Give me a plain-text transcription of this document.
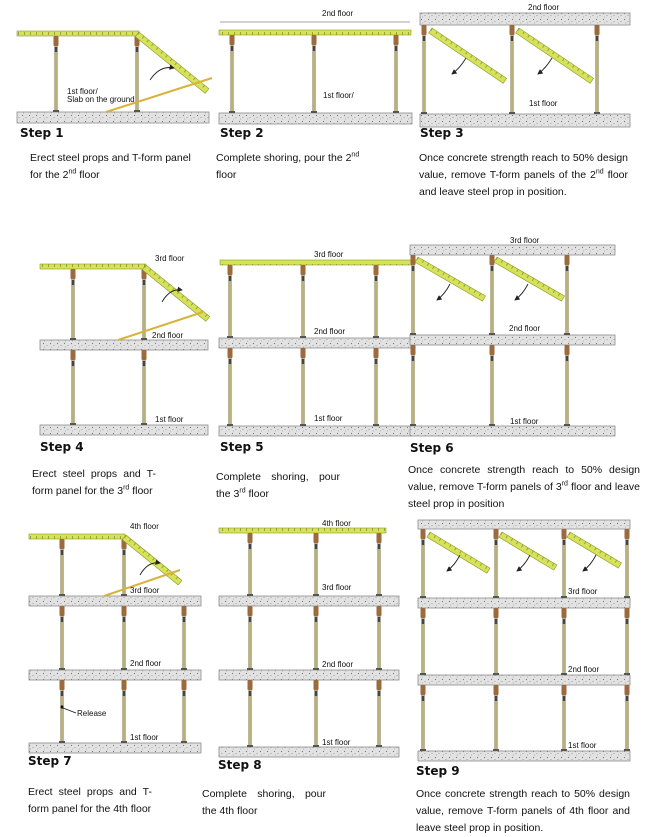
1st floor/
Slab on the ground
2nd floor
1st floor/
2nd floor
1st floor
3rd floor
2nd floor
1st floor
3rd floor
2nd floor
1st floor
3rd floor
2nd floor
1st floor
4th floor
3rd floor
2nd floor
1st floor
Release
4th floor
3rd floor
2nd floor
1st floor
3rd floor
2nd floor
1st floor
Step 1	Step 2	Step 3
Step 4	Step 5	Step 6
Step 7	Step 8	Step 9
Erect steel props and T-form panel for the 2nd floor
Complete shoring, pour the 2nd floor
Once concrete strength reach to 50% design value, remove T-form panels of the 2nd floor and leave steel prop in position.
Erect steel props and T-form panel for the 3rd floor
Complete shoring, pour the 3rd floor
Once concrete strength reach to 50% design value, remove T-form panels of 3rd floor and leave steel prop in position
Erect steel props and T-form panel for the 4th floor
Complete shoring, pour the 4th floor
Once concrete strength reach to 50% design value, remove T-form panels of 4th floor and leave steel prop in position.
